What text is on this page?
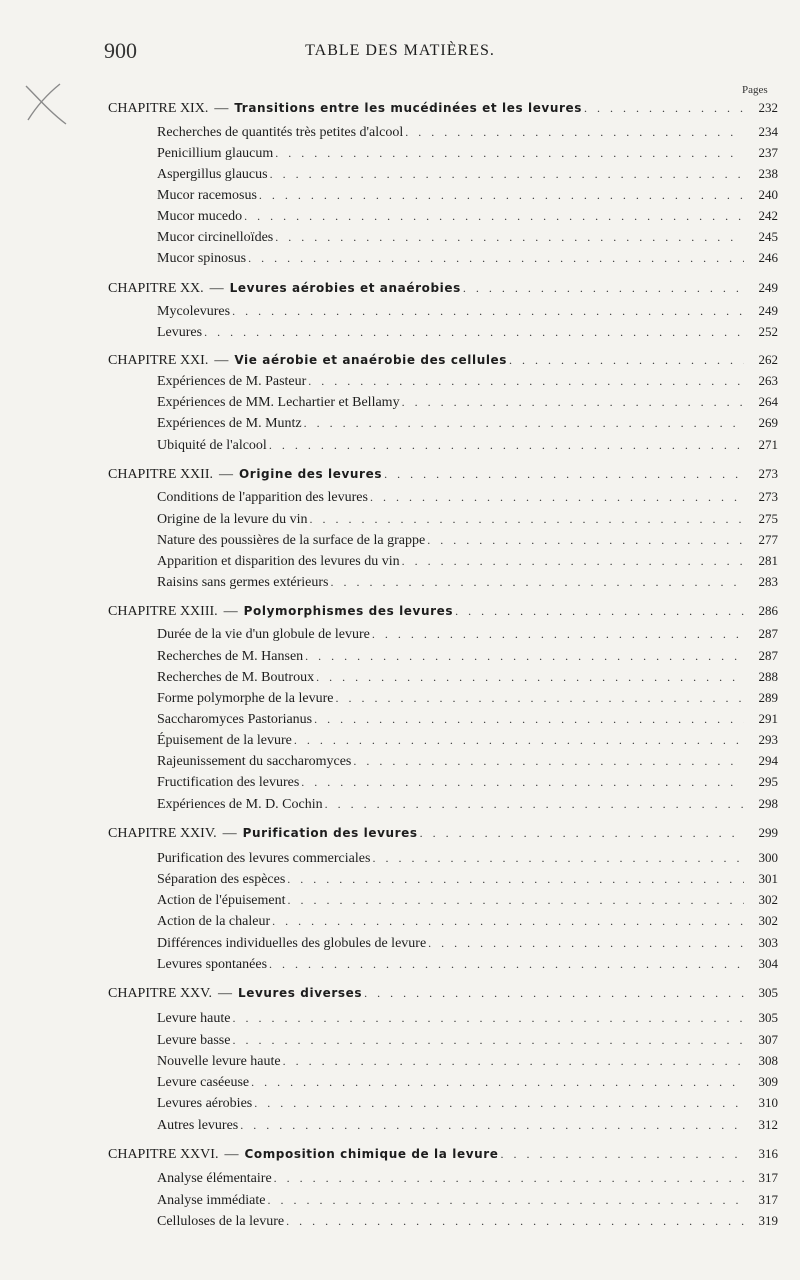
900	TABLE DES MATIÈRES.
Pages
CHAPITRE XIX. — Transitions entre les mucédinées et les levures . . .	232
Recherches de quantités très petites d'alcool . . .	234
Penicillium glaucum . . .	237
Aspergillus glaucus . . .	238
Mucor racemosus . . .	240
Mucor mucedo . . .	242
Mucor circinelloïdes . . .	245
Mucor spinosus . . .	246
CHAPITRE XX. — Levures aérobies et anaérobies . . .	249
Mycolevures . . .	249
Levures . . .	252
CHAPITRE XXI. — Vie aérobie et anaérobie des cellules . . .	262
Expériences de M. Pasteur . . .	263
Expériences de MM. Lechartier et Bellamy . . .	264
Expériences de M. Muntz . . .	269
Ubiquité de l'alcool . . .	271
CHAPITRE XXII. — Origine des levures . . .	273
Conditions de l'apparition des levures . . .	273
Origine de la levure du vin . . .	275
Nature des poussières de la surface de la grappe . . .	277
Apparition et disparition des levures du vin . . .	281
Raisins sans germes extérieurs . . .	283
CHAPITRE XXIII. — Polymorphismes des levures . . .	286
Durée de la vie d'un globule de levure . . .	287
Recherches de M. Hansen . . .	287
Recherches de M. Boutroux . . .	288
Forme polymorphe de la levure . . .	289
Saccharomyces Pastorianus . . .	291
Épuisement de la levure . . .	293
Rajeunissement du saccharomyces . . .	294
Fructification des levures . . .	295
Expériences de M. D. Cochin . . .	298
CHAPITRE XXIV. — Purification des levures . . .	299
Purification des levures commerciales . . .	300
Séparation des espèces . . .	301
Action de l'épuisement . . .	302
Action de la chaleur . . .	302
Différences individuelles des globules de levure . . .	303
Levures spontanées . . .	304
CHAPITRE XXV. — Levures diverses . . .	305
Levure haute . . .	305
Levure basse . . .	307
Nouvelle levure haute . . .	308
Levure caséeuse . . .	309
Levures aérobies . . .	310
Autres levures . . .	312
CHAPITRE XXVI. — Composition chimique de la levure . . .	316
Analyse élémentaire . . .	317
Analyse immédiate . . .	317
Celluloses de la levure . . .	319
